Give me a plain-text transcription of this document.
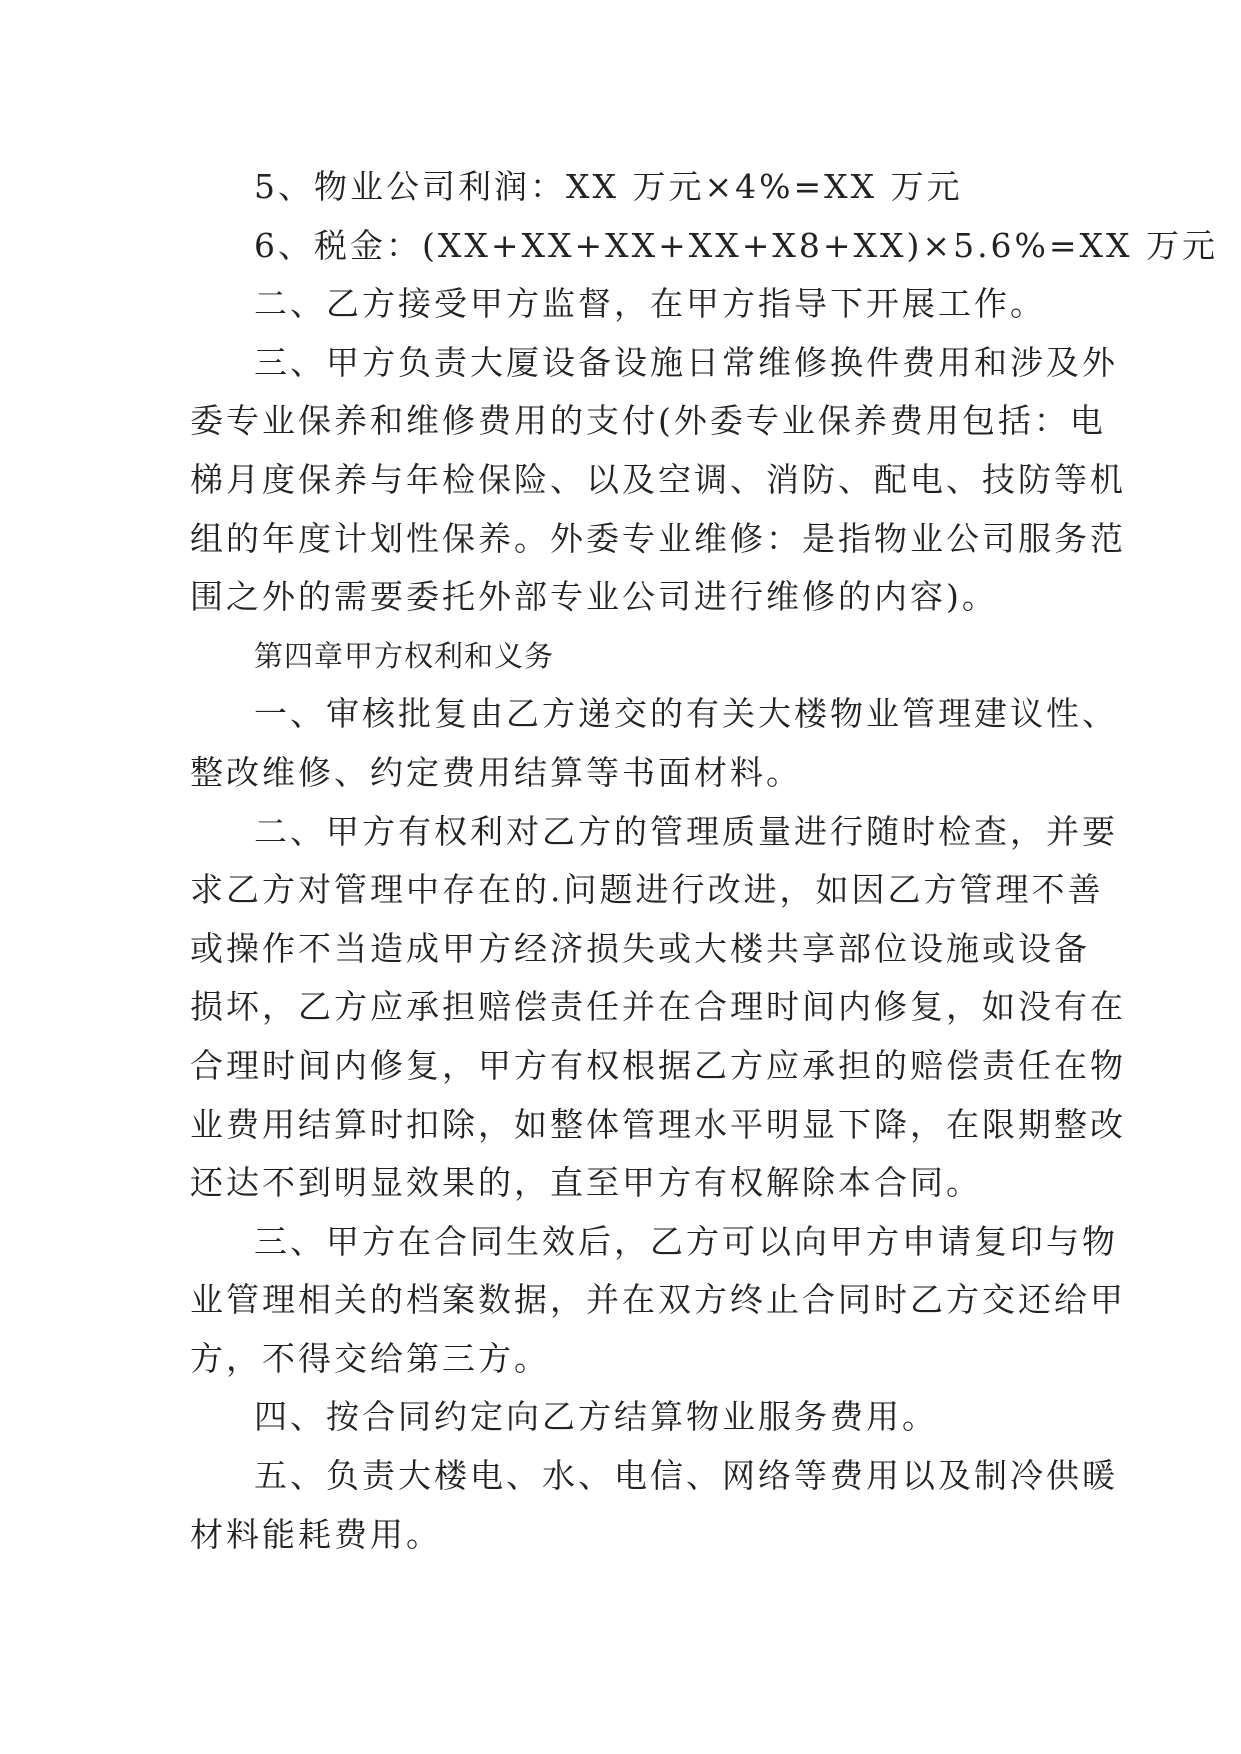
5、物业公司利润：XX 万元×4%=XX 万元
6、税金：(XX+XX+XX+XX+X8+XX)×5.6%=XX 万元
二、乙方接受甲方监督，在甲方指导下开展工作。
三、甲方负责大厦设备设施日常维修换件费用和涉及外
委专业保养和维修费用的支付(外委专业保养费用包括：电
梯月度保养与年检保险、以及空调、消防、配电、技防等机
组的年度计划性保养。外委专业维修：是指物业公司服务范
围之外的需要委托外部专业公司进行维修的内容)。
第四章甲方权利和义务
一、审核批复由乙方递交的有关大楼物业管理建议性、
整改维修、约定费用结算等书面材料。
二、甲方有权利对乙方的管理质量进行随时检查，并要
求乙方对管理中存在的.问题进行改进，如因乙方管理不善
或操作不当造成甲方经济损失或大楼共享部位设施或设备
损坏，乙方应承担赔偿责任并在合理时间内修复，如没有在
合理时间内修复，甲方有权根据乙方应承担的赔偿责任在物
业费用结算时扣除，如整体管理水平明显下降，在限期整改
还达不到明显效果的，直至甲方有权解除本合同。
三、甲方在合同生效后，乙方可以向甲方申请复印与物
业管理相关的档案数据，并在双方终止合同时乙方交还给甲
方，不得交给第三方。
四、按合同约定向乙方结算物业服务费用。
五、负责大楼电、水、电信、网络等费用以及制冷供暖
材料能耗费用。
